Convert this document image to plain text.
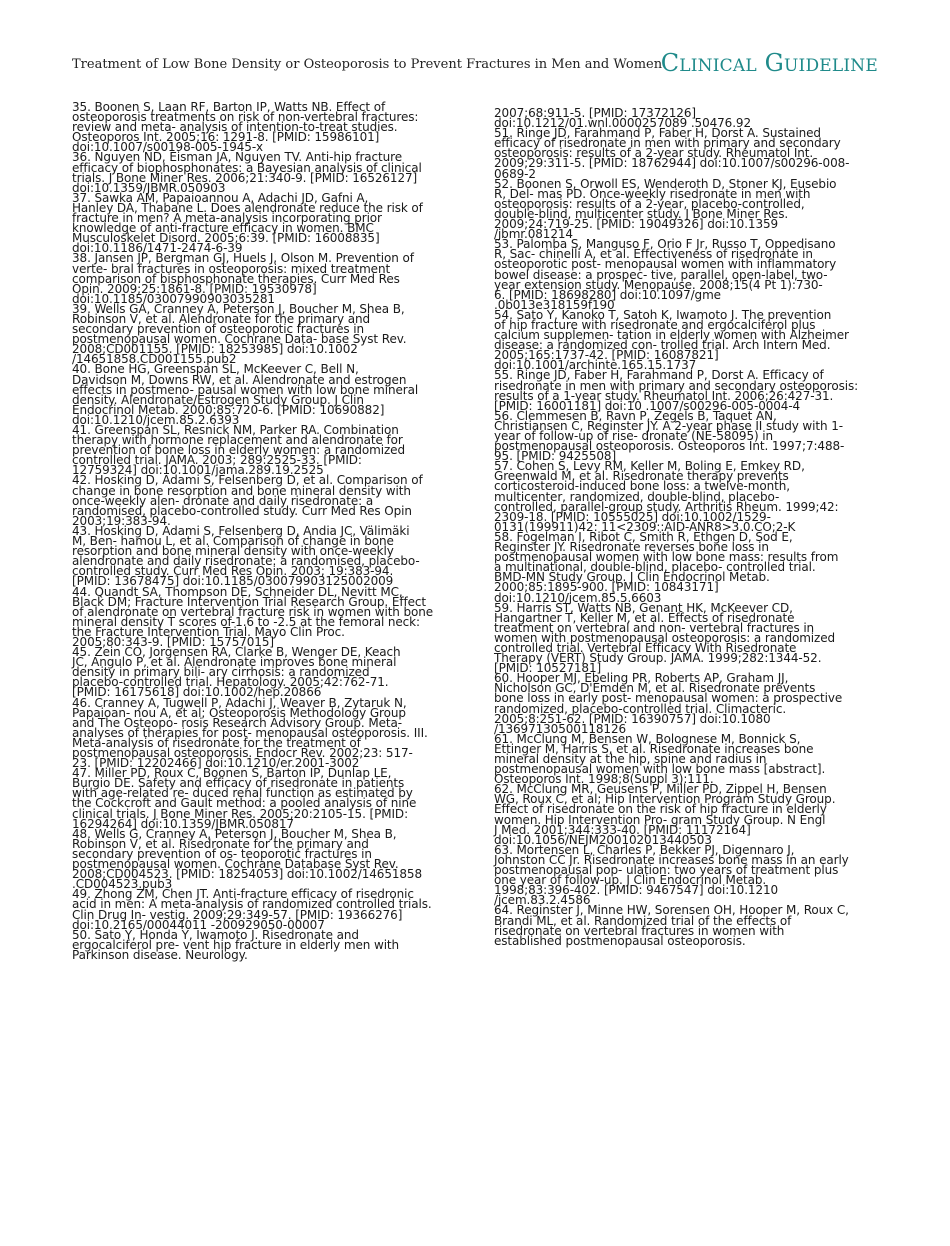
Treatment of Low Bone Density or Osteoporosis to Prevent Fractures in Men and Women
Clinical Guideline

35. Boonen S, Laan RF, Barton IP, Watts NB. Effect of
osteoporosis treatments on risk of non-vertebral fractures:
review and meta- analysis of intention-to-treat studies.
Osteoporos Int. 2005;16: 1291-8. [PMID: 15986101]
doi:10.1007/s00198-005-1945-x

36. Nguyen ND, Eisman JA, Nguyen TV. Anti-hip fracture
efficacy of biophosphonates: a Bayesian analysis of clinical
trials. J Bone Miner Res. 2006;21:340-9. [PMID: 16526127]
doi:10.1359/JBMR.050903

37. Sawka AM, Papaioannou A, Adachi JD, Gafni A,
Hanley DA, Thabane L. Does alendronate reduce the risk of
fracture in men? A meta-analysis incorporating prior
knowledge of anti-fracture efficacy in women. BMC
Musculoskelet Disord. 2005;6:39. [PMID: 16008835]
doi:10.1186/1471-2474-6-39

38. Jansen JP, Bergman GJ, Huels J, Olson M. Prevention of
verte- bral fractures in osteoporosis: mixed treatment
comparison of bisphosphonate therapies. Curr Med Res
Opin. 2009;25:1861-8. [PMID: 19530978]
doi:10.1185/03007990903035281

39. Wells GA, Cranney A, Peterson J, Boucher M, Shea B,
Robinson V, et al. Alendronate for the primary and
secondary prevention of osteoporotic fractures in
postmenopausal women. Cochrane Data- base Syst Rev.
2008;CD001155. [PMID: 18253985] doi:10.1002
/14651858.CD001155.pub2

40. Bone HG, Greenspan SL, McKeever C, Bell N,
Davidson M, Downs RW, et al. Alendronate and estrogen
effects in postmeno- pausal women with low bone mineral
density. Alendronate/Estrogen Study Group. J Clin
Endocrinol Metab. 2000;85:720-6. [PMID: 10690882]
doi:10.1210/jcem.85.2.6393

41. Greenspan SL, Resnick NM, Parker RA. Combination
therapy with hormone replacement and alendronate for
prevention of bone loss in elderly women: a randomized
controlled trial. JAMA. 2003; 289:2525-33. [PMID:
12759324] doi:10.1001/jama.289.19.2525

42. Hosking D, Adami S, Felsenberg D, et al. Comparison of
change in bone resorption and bone mineral density with
once-weekly alen- dronate and daily risedronate: a
randomised, placebo-controlled study. Curr Med Res Opin
2003;19:383-94.

43. Hosking D, Adami S, Felsenberg D, Andia JC, Välimäki
M, Ben- hamou L, et al. Comparison of change in bone
resorption and bone mineral density with once-weekly
alendronate and daily risedronate: a randomised, placebo-
controlled study. Curr Med Res Opin. 2003; 19:383-94.
[PMID: 13678475] doi:10.1185/030079903125002009

44. Quandt SA, Thompson DE, Schneider DL, Nevitt MC,
Black DM; Fracture Intervention Trial Research Group. Effect
of alendronate on vertebral fracture risk in women with bone
mineral density T scores of-1.6 to -2.5 at the femoral neck:
the Fracture Intervention Trial. Mayo Clin Proc.
2005;80:343-9. [PMID: 15757015]

45. Zein CO, Jorgensen RA, Clarke B, Wenger DE, Keach
JC, Angulo P, et al. Alendronate improves bone mineral
density in primary bili- ary cirrhosis: a randomized
placebo-controlled trial. Hepatology. 2005;42:762-71.
[PMID: 16175618] doi:10.1002/hep.20866

46. Cranney A, Tugwell P, Adachi J, Weaver B, Zytaruk N,
Papaioan- nou A, et al; Osteoporosis Methodology Group
and The Osteopo- rosis Research Advisory Group. Meta-
analyses of therapies for post- menopausal osteoporosis. III.
Meta-analysis of risedronate for the treatment of
postmenopausal osteoporosis. Endocr Rev. 2002;23: 517-
23. [PMID: 12202466] doi:10.1210/er.2001-3002

47. Miller PD, Roux C, Boonen S, Barton IP, Dunlap LE,
Burgio DE. Safety and efficacy of risedronate in patients
with age-related re- duced renal function as estimated by
the Cockcroft and Gault method: a pooled analysis of nine
clinical trials. J Bone Miner Res. 2005;20:2105-15. [PMID:
16294264] doi:10.1359/JBMR.050817

48. Wells G, Cranney A, Peterson J, Boucher M, Shea B,
Robinson V, et al. Risedronate for the primary and
secondary prevention of os- teoporotic fractures in
postmenopausal women. Cochrane Database Syst Rev.
2008;CD004523. [PMID: 18254053] doi:10.1002/14651858
.CD004523.pub3

49. Zhong ZM, Chen JT. Anti-fracture efficacy of risedronic
acid in men: A meta-analysis of randomized controlled trials.
Clin Drug In- vestig. 2009;29:349-57. [PMID: 19366276]
doi:10.2165/00044011 -200929050-00007

50. Sato Y, Honda Y, Iwamoto J. Risedronate and
ergocalciferol pre- vent hip fracture in elderly men with
Parkinson disease. Neurology.

2007;68:911-5. [PMID: 17372126]
doi:10.1212/01.wnl.0000257089 .50476.92

51. Ringe JD, Farahmand P, Faber H, Dorst A. Sustained
efficacy of risedronate in men with primary and secondary
osteoporosis: results of a 2-year study. Rheumatol Int.
2009;29:311-5. [PMID: 18762944] doi:10.1007/s00296-008-
0689-2

52. Boonen S, Orwoll ES, Wenderoth D, Stoner KJ, Eusebio
R, Del- mas PD. Once-weekly risedronate in men with
osteoporosis: results of a 2-year, placebo-controlled,
double-blind, multicenter study. J Bone Miner Res.
2009;24:719-25. [PMID: 19049326] doi:10.1359
/jbmr.081214

53. Palomba S, Manguso F, Orio F Jr, Russo T, Oppedisano
R, Sac- chinelli A, et al. Effectiveness of risedronate in
osteoporotic post- menopausal women with inflammatory
bowel disease: a prospec- tive, parallel, open-label, two-
year extension study. Menopause. 2008;15(4 Pt 1):730-
6. [PMID: 18698280] doi:10.1097/gme
.0b013e318159f190

54. Sato Y, Kanoko T, Satoh K, Iwamoto J. The prevention
of hip fracture with risedronate and ergocalciferol plus
calcium supplemen- tation in elderly women with Alzheimer
disease: a randomized con- trolled trial. Arch Intern Med.
2005;165:1737-42. [PMID: 16087821]
doi:10.1001/archinte.165.15.1737

55. Ringe JD, Faber H, Farahmand P, Dorst A. Efficacy of
risedronate in men with primary and secondary osteoporosis:
results of a 1-year study. Rheumatol Int. 2006;26:427-31.
[PMID: 16001181] doi:10 .1007/s00296-005-0004-4

56. Clemmesen B, Ravn P, Zegels B, Taquet AN,
Christiansen C, Reginster JY. A 2-year phase II study with 1-
year of follow-up of rise- dronate (NE-58095) in
postmenopausal osteoporosis. Osteoporos Int. 1997;7:488-
95. [PMID: 9425508]

57. Cohen S, Levy RM, Keller M, Boling E, Emkey RD,
Greenwald M, et al. Risedronate therapy prevents
corticosteroid-induced bone loss: a twelve-month,
multicenter, randomized, double-blind, placebo-
controlled, parallel-group study. Arthritis Rheum. 1999;42:
2309-18. [PMID: 10555025] doi:10.1002/1529-
0131(199911)42: 11<2309::AID-ANR8>3.0.CO;2-K

58. Fogelman I, Ribot C, Smith R, Ethgen D, Sod E,
Reginster JY. Risedronate reverses bone loss in
postmenopausal women with low bone mass: results from
a multinational, double-blind, placebo- controlled trial.
BMD-MN Study Group. J Clin Endocrinol Metab.
2000;85:1895-900. [PMID: 10843171]
doi:10.1210/jcem.85.5.6603

59. Harris ST, Watts NB, Genant HK, McKeever CD,
Hangartner T, Keller M, et al. Effects of risedronate
treatment on vertebral and non- vertebral fractures in
women with postmenopausal osteoporosis: a randomized
controlled trial. Vertebral Efficacy With Risedronate
Therapy (VERT) Study Group. JAMA. 1999;282:1344-52.
[PMID: 10527181]

60. Hooper MJ, Ebeling PR, Roberts AP, Graham JJ,
Nicholson GC, D'Emden M, et al. Risedronate prevents
bone loss in early post- menopausal women: a prospective
randomized, placebo-controlled trial. Climacteric.
2005;8:251-62. [PMID: 16390757] doi:10.1080
/13697130500118126

61. McClung M, Bensen W, Bolognese M, Bonnick S,
Ettinger M, Harris S, et al. Risedronate increases bone
mineral density at the hip, spine and radius in
postmenopausal women with low bone mass [abstract].
Osteoporos Int. 1998;8(Suppl 3):111.

62. McClung MR, Geusens P, Miller PD, Zippel H, Bensen
WG, Roux C, et al; Hip Intervention Program Study Group.
Effect of risedronate on the risk of hip fracture in elderly
women. Hip Intervention Pro- gram Study Group. N Engl
J Med. 2001;344:333-40. [PMID: 11172164]
doi:10.1056/NEJM200102013440503

63. Mortensen L, Charles P, Bekker PJ, Digennaro J,
Johnston CC Jr. Risedronate increases bone mass in an early
postmenopausal pop- ulation: two years of treatment plus
one year of follow-up. J Clin Endocrinol Metab.
1998;83:396-402. [PMID: 9467547] doi:10.1210
/jcem.83.2.4586

64. Reginster J, Minne HW, Sorensen OH, Hooper M, Roux C,
Brandi ML, et al. Randomized trial of the effects of
risedronate on vertebral fractures in women with
established postmenopausal osteoporosis.
